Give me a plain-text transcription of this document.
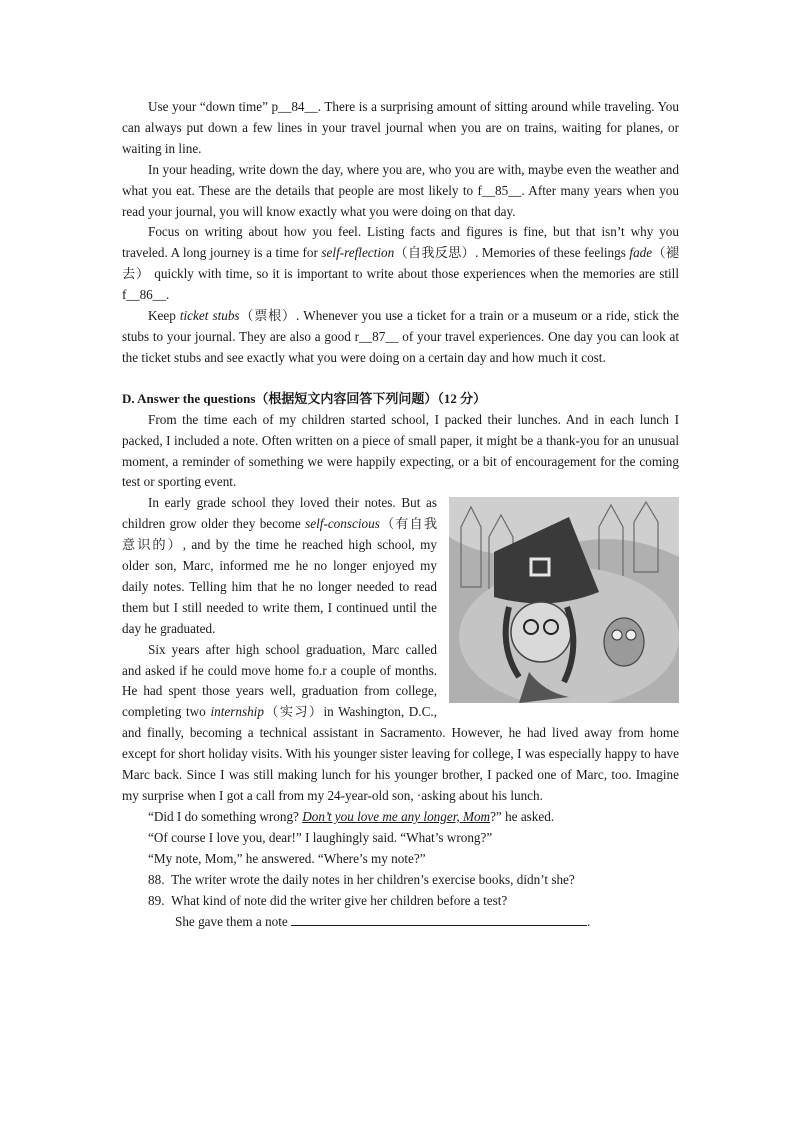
Use your “down time” p__84__. There is a surprising amount of sitting around while traveling. You can always put down a few lines in your travel journal when you are on trains, waiting for planes, or waiting in line.

In your heading, write down the day, where you are, who you are with, maybe even the weather and what you eat. These are the details that people are most likely to f__85__. After many years when you read your journal, you will know exactly what you were doing on that day.

Focus on writing about how you feel. Listing facts and figures is fine, but that isn’t why you traveled. A long journey is a time for self-reflection（自我反思）. Memories of these feelings fade（褪去） quickly with time, so it is important to write about those experiences when the memories are still f__86__.

Keep ticket stubs（票根）. Whenever you use a ticket for a train or a museum or a ride, stick the stubs to your journal. They are also a good r__87__ of your travel experiences. One day you can look at the ticket stubs and see exactly what you were doing on a certain day and how much it cost.

D. Answer the questions（根据短文内容回答下列问题）（12 分）

From the time each of my children started school, I packed their lunches. And in each lunch I packed, I included a note. Often written on a piece of small paper, it might be a thank-you for an unusual moment, a reminder of something we were happily expecting, or a bit of encouragement for the coming test or sporting event.

In early grade school they loved their notes. But as children grow older they become self-conscious（有自我意识的）, and by the time he reached high school, my older son, Marc, informed me he no longer enjoyed my daily notes. Telling him that he no longer needed to read them but I still needed to write them, I continued until the day he graduated.

Six years after high school graduation, Marc called and asked if he could move home fo.r a couple of months. He had spent those years well, graduation from college, completing two internship（实习）in Washington, D.C., and finally, becoming a technical assistant in Sacramento. However, he had lived away from home except for short holiday visits. With his younger sister leaving for college, I was especially happy to have Marc back. Since I was still making lunch for his younger brother, I packed one of Marc, too. Imagine my surprise when I got a call from my 24-year-old son, ·asking about his lunch.

“Did I do something wrong? Don’t you love me any longer, Mom?” he asked.

“Of course I love you, dear!” I laughingly said. “What’s wrong?”

“My note, Mom,” he answered. “Where’s my note?”

88.  The writer wrote the daily notes in her children’s exercise books, didn’t she?

89.  What kind of note did the writer give her children before a test?

She gave them a note	.
